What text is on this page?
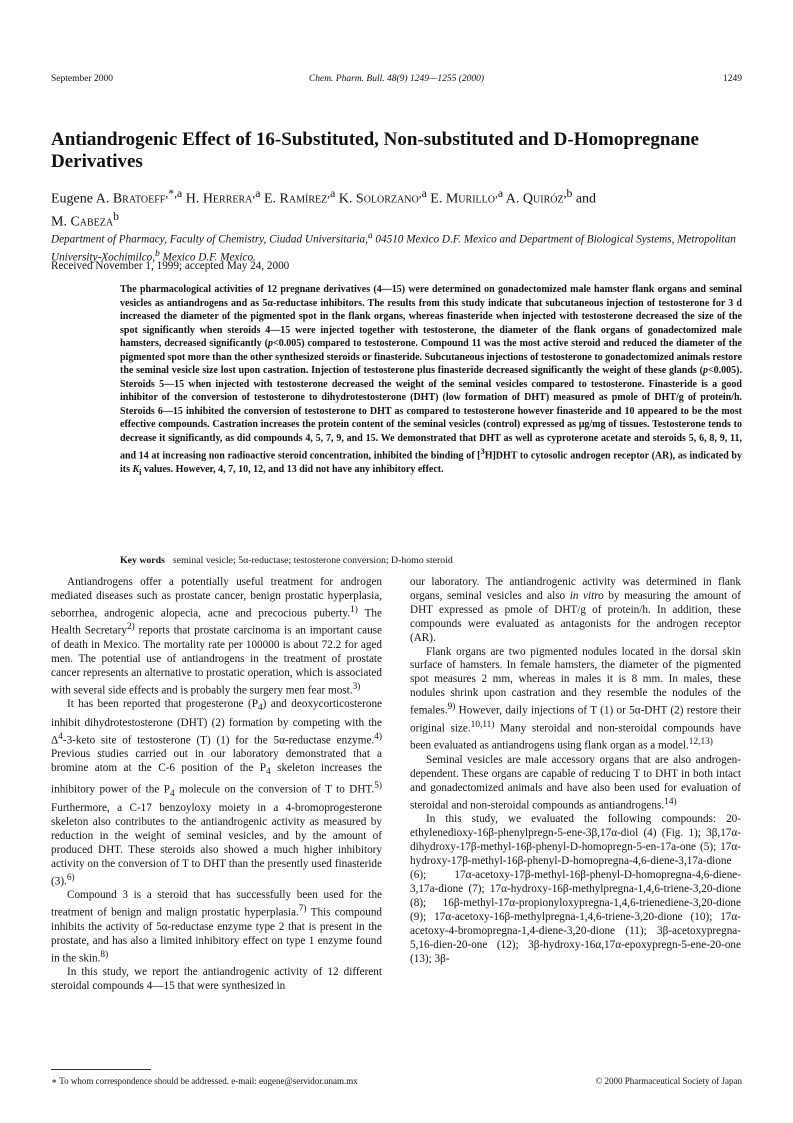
September 2000	Chem. Pharm. Bull. 48(9) 1249—1255 (2000)	1249
Antiandrogenic Effect of 16-Substituted, Non-substituted and D-Homopregnane Derivatives
Eugene A. Bratoeff$^{,*,a}$ H. Herrera$^{,a}$ E. Ramírez$^{,a}$ K. Solorzano$^{,a}$ E. Murillo$^{,a}$ A. Quiróz$^{,b}$ and
M. Cabeza$^b$
Department of Pharmacy, Faculty of Chemistry, Ciudad Universitaria,$^a$ 04510 Mexico D.F. Mexico and Department of Biological Systems, Metropolitan University-Xochimilco,$^b$ Mexico D.F. Mexico.
Received November 1, 1999; accepted May 24, 2000

The pharmacological activities of 12 pregnane derivatives (4—15) were determined on gonadectomized male hamster flank organs and seminal vesicles as antiandrogens and as 5α-reductase inhibitors. The results from this study indicate that subcutaneous injection of testosterone for 3 d increased the diameter of the pigmented spot in the flank organs, whereas finasteride when injected with testosterone decreased the size of the spot significantly when steroids 4—15 were injected together with testosterone, the diameter of the flank organs of gonadectomized male hamsters, decreased significantly (p<0.005) compared to testosterone. Compound 11 was the most active steroid and reduced the diameter of the pigmented spot more than the other synthesized steroids or finasteride. Subcutaneous injections of testosterone to gonadectomized animals restore the seminal vesicle size lost upon castration. Injection of testosterone plus finasteride decreased significantly the weight of these glands (p<0.005). Steroids 5—15 when injected with testosterone decreased the weight of the seminal vesicles compared to testosterone. Finasteride is a good inhibitor of the conversion of testosterone to dihydrotestosterone (DHT) (low formation of DHT) measured as pmole of DHT/g of protein/h. Steroids 6—15 inhibited the conversion of testosterone to DHT as compared to testosterone however finasteride and 10 appeared to be the most effective compounds. Castration increases the protein content of the seminal vesicles (control) expressed as μg/mg of tissues. Testosterone tends to decrease it significantly, as did compounds 4, 5, 7, 9, and 15. We demonstrated that DHT as well as cyproterone acetate and steroids 5, 6, 8, 9, 11, and 14 at increasing non radioactive steroid concentration, inhibited the binding of [$^3$H]DHT to cytosolic androgen receptor (AR), as indicated by its $K_i$ values. However, 4, 7, 10, 12, and 13 did not have any inhibitory effect.

Key words seminal vesicle; 5α-reductase; testosterone conversion; D-homo steroid

Antiandrogens offer a potentially useful treatment for androgen mediated diseases such as prostate cancer, benign prostatic hyperplasia, seborrhea, androgenic alopecia, acne and precocious puberty.$^{1)}$ The Health Secretary$^{2)}$ reports that prostate carcinoma is an important cause of death in Mexico. The mortality rate per 100000 is about 72.2 for aged men. The potential use of antiandrogens in the treatment of prostate cancer represents an alternative to prostatic operation, which is associated with several side effects and is probably the surgery men fear most.$^{3)}$

It has been reported that progesterone $(P_4)$ and deoxycorticosterone inhibit dihydrotestosterone (DHT) (2) formation by competing with the $\Delta^4-3$-keto site of testosterone (T) (1) for the 5α-reductase enzyme.$^{4)}$ Previous studies carried out in our laboratory demonstrated that a bromine atom at the C-6 position of the $P_4$ skeleton increases the inhibitory power of the $P_4$ molecule on the conversion of T to DHT.$^{5)}$ Furthermore, a C-17 benzoyloxy moiety in a 4-bromoprogesterone skeleton also contributes to the antiandrogenic activity as measured by reduction in the weight of seminal vesicles, and by the amount of produced DHT. These steroids also showed a much higher inhibitory activity on the conversion of T to DHT than the presently used finasteride (3).$^{6)}$

Compound 3 is a steroid that has successfully been used for the treatment of benign and malign prostatic hyperplasia.$^{7)}$ This compound inhibits the activity of 5α-reductase enzyme type 2 that is present in the prostate, and has also a limited inhibitory effect on type 1 enzyme found in the skin.$^{8)}$

In this study, we report the antiandrogenic activity of 12 different steroidal compounds 4—15 that were synthesized in

our laboratory. The antiandrogenic activity was determined in flank organs, seminal vesicles and also in vitro by measuring the amount of DHT expressed as pmole of DHT/g of protein/h. In addition, these compounds were evaluated as antagonists for the androgen receptor (AR).

Flank organs are two pigmented nodules located in the dorsal skin surface of hamsters. In female hamsters, the diameter of the pigmented spot measures 2 mm, whereas in males it is 8 mm. In males, these nodules shrink upon castration and they resemble the nodules of the females.$^{9)}$ However, daily injections of T (1) or 5α-DHT (2) restore their original size.$^{10,11)}$ Many steroidal and non-steroidal compounds have been evaluated as antiandrogens using flank organ as a model.$^{12,13)}$

Seminal vesicles are male accessory organs that are also androgen-dependent. These organs are capable of reducing T to DHT in both intact and gonadectomized animals and have also been used for evaluation of steroidal and non-steroidal compounds as antiandrogens.$^{14)}$

In this study, we evaluated the following compounds: 20-ethylenedioxy-16β-phenylpregn-5-ene-3β,17α-diol (4) (Fig. 1); 3β,17α-dihydroxy-17β-methyl-16β-phenyl-D-homopregn-5-en-17a-one (5); 17α-hydroxy-17β-methyl-16β-phenyl-D-homopregna-4,6-diene-3,17a-dione (6); 17α-acetoxy-17β-methyl-16β-phenyl-D-homopregna-4,6-diene-3,17a-dione (7); 17α-hydroxy-16β-methylpregna-1,4,6-triene-3,20-dione (8); 16β-methyl-17α-propionyloxypregna-1,4,6-trienediene-3,20-dione (9); 17α-acetoxy-16β-methylpregna-1,4,6-triene-3,20-dione (10); 17α-acetoxy-4-bromopregna-1,4-diene-3,20-dione (11); 3β-acetoxypregna-5,16-dien-20-one (12); 3β-hydroxy-16α,17α-epoxypregn-5-ene-20-one (13); 3β-

∗ To whom correspondence should be addressed. e-mail: eugene@servidor.unam.mx	© 2000 Pharmaceutical Society of Japan
